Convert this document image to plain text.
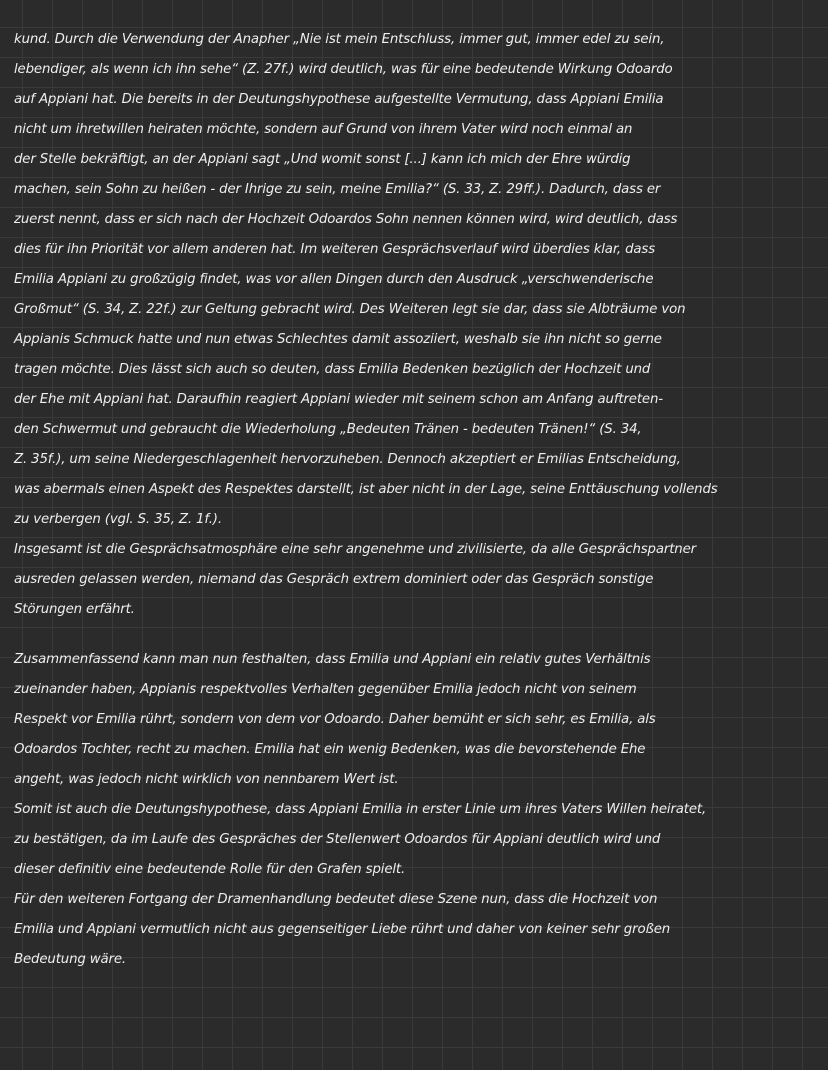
kund. Durch die Verwendung der Anapher „Nie ist mein Entschluss, immer gut, immer edel zu sein,
lebendiger, als wenn ich ihn sehe“ (Z. 27f.) wird deutlich, was für eine bedeutende Wirkung Odoardo
auf Appiani hat. Die bereits in der Deutungshypothese aufgestellte Vermutung, dass Appiani Emilia
nicht um ihretwillen heiraten möchte, sondern auf Grund von ihrem Vater wird noch einmal an
der Stelle bekräftigt, an der Appiani sagt „Und womit sonst [...] kann ich mich der Ehre würdig
machen, sein Sohn zu heißen - der Ihrige zu sein, meine Emilia?“ (S. 33, Z. 29ff.). Dadurch, dass er
zuerst nennt, dass er sich nach der Hochzeit Odoardos Sohn nennen können wird, wird deutlich, dass
dies für ihn Priorität vor allem anderen hat. Im weiteren Gesprächsverlauf wird überdies klar, dass
Emilia Appiani zu großzügig findet, was vor allen Dingen durch den Ausdruck „verschwenderische
Großmut“ (S. 34, Z. 22f.) zur Geltung gebracht wird. Des Weiteren legt sie dar, dass sie Albträume von
Appianis Schmuck hatte und nun etwas Schlechtes damit assoziiert, weshalb sie ihn nicht so gerne
tragen möchte. Dies lässt sich auch so deuten, dass Emilia Bedenken bezüglich der Hochzeit und
der Ehe mit Appiani hat. Daraufhin reagiert Appiani wieder mit seinem schon am Anfang auftreten-
den Schwermut und gebraucht die Wiederholung „Bedeuten Tränen - bedeuten Tränen!“ (S. 34,
Z. 35f.), um seine Niedergeschlagenheit hervorzuheben. Dennoch akzeptiert er Emilias Entscheidung,
was abermals einen Aspekt des Respektes darstellt, ist aber nicht in der Lage, seine Enttäuschung vollends
zu verbergen (vgl. S. 35, Z. 1f.).
Insgesamt ist die Gesprächsatmosphäre eine sehr angenehme und zivilisierte, da alle Gesprächspartner
ausreden gelassen werden, niemand das Gespräch extrem dominiert oder das Gespräch sonstige
Störungen erfährt.
Zusammenfassend kann man nun festhalten, dass Emilia und Appiani ein relativ gutes Verhältnis
zueinander haben, Appianis respektvolles Verhalten gegenüber Emilia jedoch nicht von seinem
Respekt vor Emilia rührt, sondern von dem vor Odoardo. Daher bemüht er sich sehr, es Emilia, als
Odoardos Tochter, recht zu machen. Emilia hat ein wenig Bedenken, was die bevorstehende Ehe
angeht, was jedoch nicht wirklich von nennbarem Wert ist.
Somit ist auch die Deutungshypothese, dass Appiani Emilia in erster Linie um ihres Vaters Willen heiratet,
zu bestätigen, da im Laufe des Gespräches der Stellenwert Odoardos für Appiani deutlich wird und
dieser definitiv eine bedeutende Rolle für den Grafen spielt.
Für den weiteren Fortgang der Dramenhandlung bedeutet diese Szene nun, dass die Hochzeit von
Emilia und Appiani vermutlich nicht aus gegenseitiger Liebe rührt und daher von keiner sehr großen
Bedeutung wäre.
